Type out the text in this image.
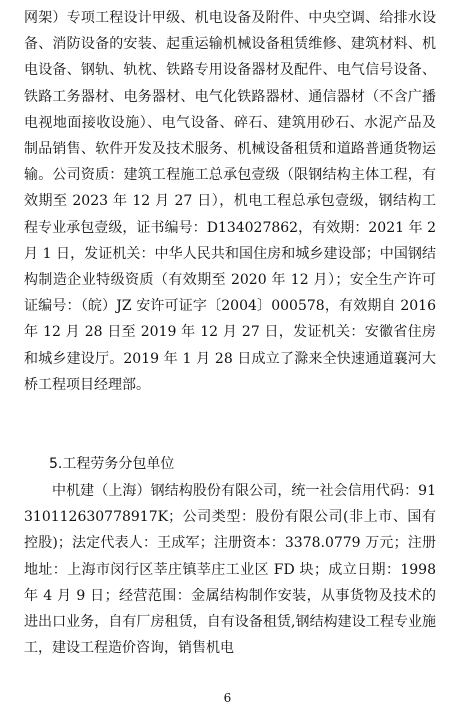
网架）专项工程设计甲级、机电设备及附件、中央空调、给排水设备、消防设备的安装、起重运输机械设备租赁维修、建筑材料、机电设备、钢轨、轨枕、铁路专用设备器材及配件、电气信号设备、铁路工务器材、电务器材、电气化铁路器材、通信器材（不含广播电视地面接收设施）、电气设备、碎石、建筑用砂石、水泥产品及制品销售、软件开发及技术服务、机械设备租赁和道路普通货物运输。公司资质：建筑工程施工总承包壹级（限钢结构主体工程，有效期至 2023 年 12 月 27 日），机电工程总承包壹级，钢结构工程专业承包壹级，证书编号：D134027862，有效期：2021 年 2 月 1 日，发证机关：中华人民共和国住房和城乡建设部；中国钢结构制造企业特级资质（有效期至 2020 年 12 月）；安全生产许可证编号：（皖）JZ 安许可证字〔2004〕000578，有效期自 2016 年 12 月 28 日至 2019 年 12 月 27 日，发证机关：安徽省住房和城乡建设厅。2019 年 1 月 28 日成立了滁来全快速通道襄河大桥工程项目经理部。

5.工程劳务分包单位

中机建（上海）钢结构股份有限公司，统一社会信用代码：91310112630778917K；公司类型：股份有限公司(非上市、国有控股)；法定代表人：王成军；注册资本：3378.0779 万元；注册地址：上海市闵行区莘庄镇莘庄工业区 FD 块；成立日期：1998 年 4 月 9 日；经营范围：金属结构制作安装，从事货物及技术的进出口业务，自有厂房租赁，自有设备租赁,钢结构建设工程专业施工，建设工程造价咨询，销售机电

6
